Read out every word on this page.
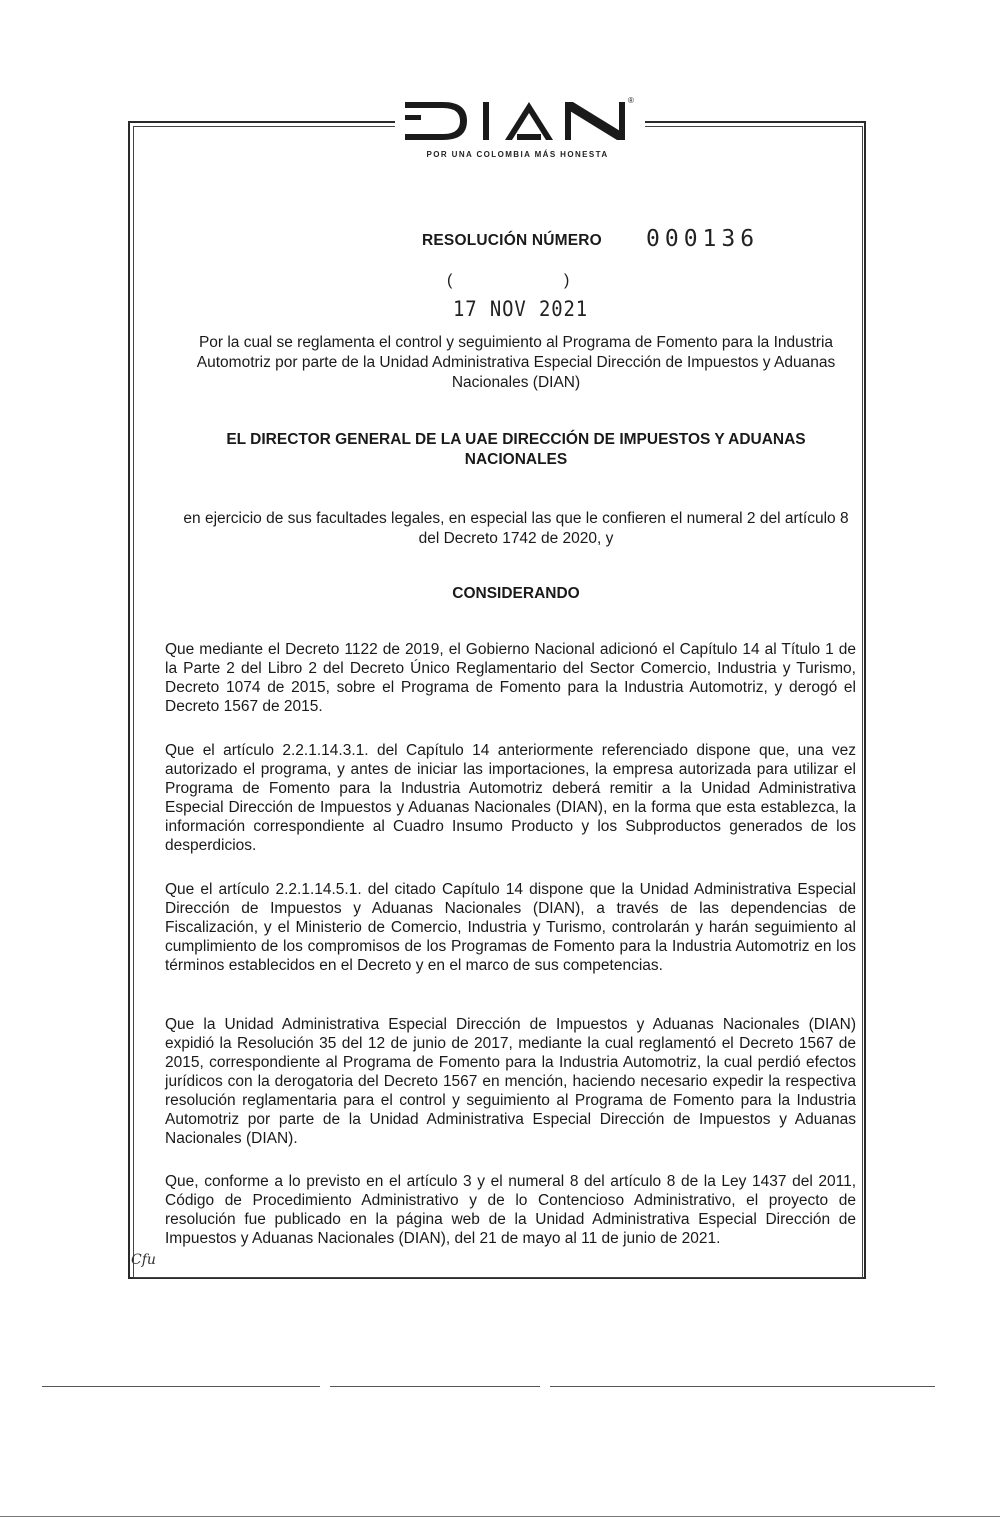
®
POR UNA COLOMBIA MÁS HONESTA
RESOLUCIÓN NÚMERO 000136
(	)
17 NOV 2021
Por la cual se reglamenta el control y seguimiento al Programa de Fomento para la Industria Automotriz por parte de la Unidad Administrativa Especial Dirección de Impuestos y Aduanas Nacionales (DIAN)
EL DIRECTOR GENERAL DE LA UAE DIRECCIÓN DE IMPUESTOS Y ADUANAS NACIONALES
en ejercicio de sus facultades legales, en especial las que le confieren el numeral 2 del artículo 8 del Decreto 1742 de 2020, y
CONSIDERANDO
Que mediante el Decreto 1122 de 2019, el Gobierno Nacional adicionó el Capítulo 14 al Título 1 de la Parte 2 del Libro 2 del Decreto Único Reglamentario del Sector Comercio, Industria y Turismo, Decreto 1074 de 2015, sobre el Programa de Fomento para la Industria Automotriz, y derogó el Decreto 1567 de 2015.
Que el artículo 2.2.1.14.3.1. del Capítulo 14 anteriormente referenciado dispone que, una vez autorizado el programa, y antes de iniciar las importaciones, la empresa autorizada para utilizar el Programa de Fomento para la Industria Automotriz deberá remitir a la Unidad Administrativa Especial Dirección de Impuestos y Aduanas Nacionales (DIAN), en la forma que esta establezca, la información correspondiente al Cuadro Insumo Producto y los Subproductos generados de los desperdicios.
Que el artículo 2.2.1.14.5.1. del citado Capítulo 14 dispone que la Unidad Administrativa Especial Dirección de Impuestos y Aduanas Nacionales (DIAN), a través de las dependencias de Fiscalización, y el Ministerio de Comercio, Industria y Turismo, controlarán y harán seguimiento al cumplimiento de los compromisos de los Programas de Fomento para la Industria Automotriz en los términos establecidos en el Decreto y en el marco de sus competencias.
Que la Unidad Administrativa Especial Dirección de Impuestos y Aduanas Nacionales (DIAN) expidió la Resolución 35 del 12 de junio de 2017, mediante la cual reglamentó el Decreto 1567 de 2015, correspondiente al Programa de Fomento para la Industria Automotriz, la cual perdió efectos jurídicos con la derogatoria del Decreto 1567 en mención, haciendo necesario expedir la respectiva resolución reglamentaria para el control y seguimiento al Programa de Fomento para la Industria Automotriz por parte de la Unidad Administrativa Especial Dirección de Impuestos y Aduanas Nacionales (DIAN).
Que, conforme a lo previsto en el artículo 3 y el numeral 8 del artículo 8 de la Ley 1437 del 2011, Código de Procedimiento Administrativo y de lo Contencioso Administrativo, el proyecto de resolución fue publicado en la página web de la Unidad Administrativa Especial Dirección de Impuestos y Aduanas Nacionales (DIAN), del 21 de mayo al 11 de junio de 2021.
Cfu
